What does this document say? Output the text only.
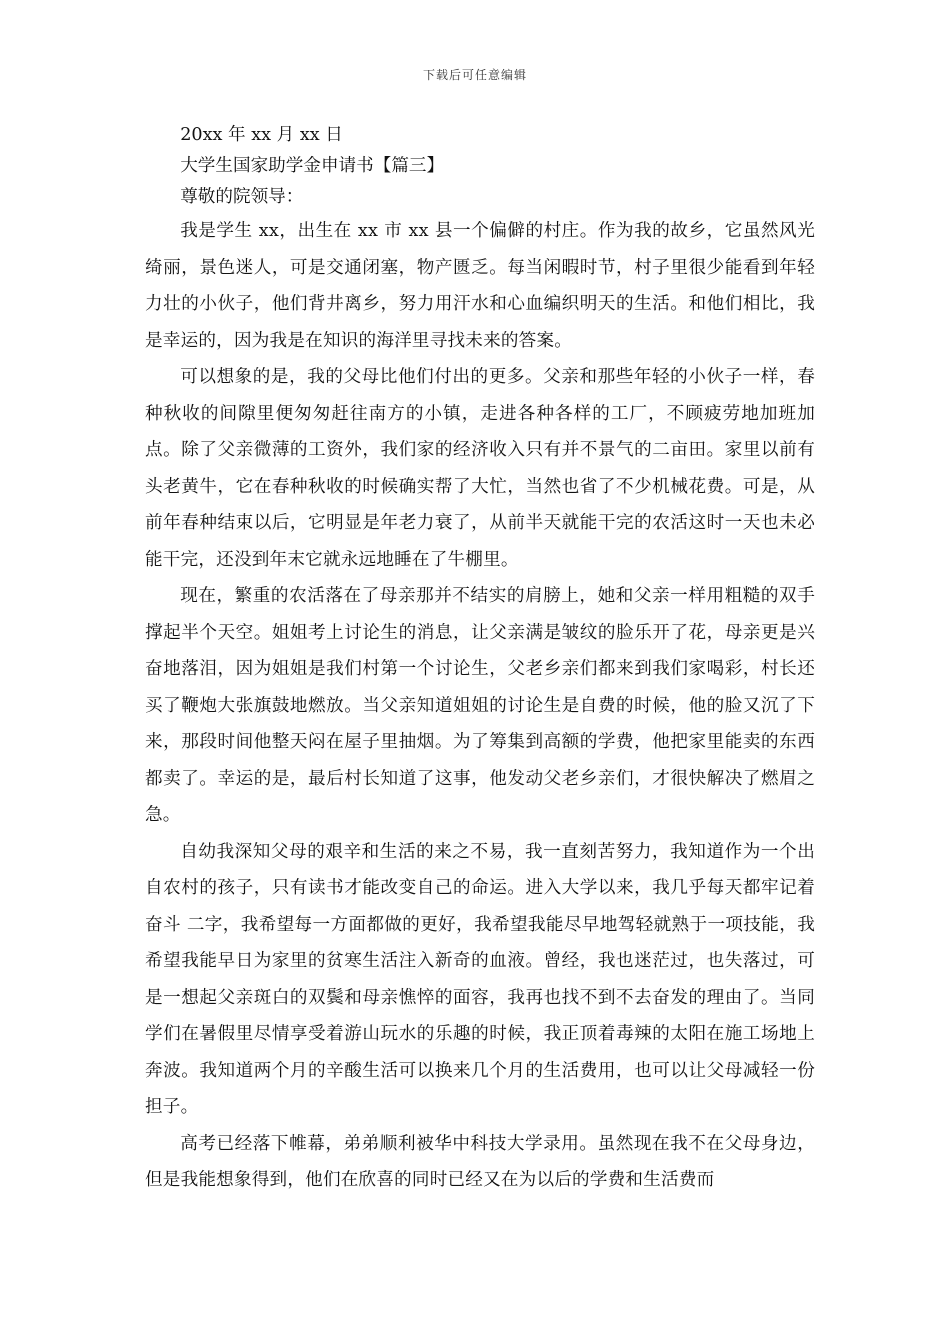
下载后可任意编辑

20xx 年 xx 月 xx 日

大学生国家助学金申请书【篇三】

尊敬的院领导：

我是学生 xx，出生在 xx 市 xx 县一个偏僻的村庄。作为我的故乡，它虽然风光绮丽，景色迷人，可是交通闭塞，物产匮乏。每当闲暇时节，村子里很少能看到年轻力壮的小伙子，他们背井离乡，努力用汗水和心血编织明天的生活。和他们相比，我是幸运的，因为我是在知识的海洋里寻找未来的答案。

可以想象的是，我的父母比他们付出的更多。父亲和那些年轻的小伙子一样，春种秋收的间隙里便匆匆赶往南方的小镇，走进各种各样的工厂，不顾疲劳地加班加点。除了父亲微薄的工资外，我们家的经济收入只有并不景气的二亩田。家里以前有头老黄牛，它在春种秋收的时候确实帮了大忙，当然也省了不少机械花费。可是，从前年春种结束以后，它明显是年老力衰了，从前半天就能干完的农活这时一天也未必能干完，还没到年末它就永远地睡在了牛棚里。

现在，繁重的农活落在了母亲那并不结实的肩膀上，她和父亲一样用粗糙的双手撑起半个天空。姐姐考上讨论生的消息，让父亲满是皱纹的脸乐开了花，母亲更是兴奋地落泪，因为姐姐是我们村第一个讨论生，父老乡亲们都来到我们家喝彩，村长还买了鞭炮大张旗鼓地燃放。当父亲知道姐姐的讨论生是自费的时候，他的脸又沉了下来，那段时间他整天闷在屋子里抽烟。为了筹集到高额的学费，他把家里能卖的东西都卖了。幸运的是，最后村长知道了这事，他发动父老乡亲们，才很快解决了燃眉之急。

自幼我深知父母的艰辛和生活的来之不易，我一直刻苦努力，我知道作为一个出自农村的孩子，只有读书才能改变自己的命运。进入大学以来，我几乎每天都牢记着 奋斗 二字，我希望每一方面都做的更好，我希望我能尽早地驾轻就熟于一项技能，我希望我能早日为家里的贫寒生活注入新奇的血液。曾经，我也迷茫过，也失落过，可是一想起父亲斑白的双鬓和母亲憔悴的面容，我再也找不到不去奋发的理由了。当同学们在暑假里尽情享受着游山玩水的乐趣的时候，我正顶着毒辣的太阳在施工场地上奔波。我知道两个月的辛酸生活可以换来几个月的生活费用，也可以让父母减轻一份担子。

高考已经落下帷幕，弟弟顺利被华中科技大学录用。虽然现在我不在父母身边，但是我能想象得到，他们在欣喜的同时已经又在为以后的学费和生活费而
